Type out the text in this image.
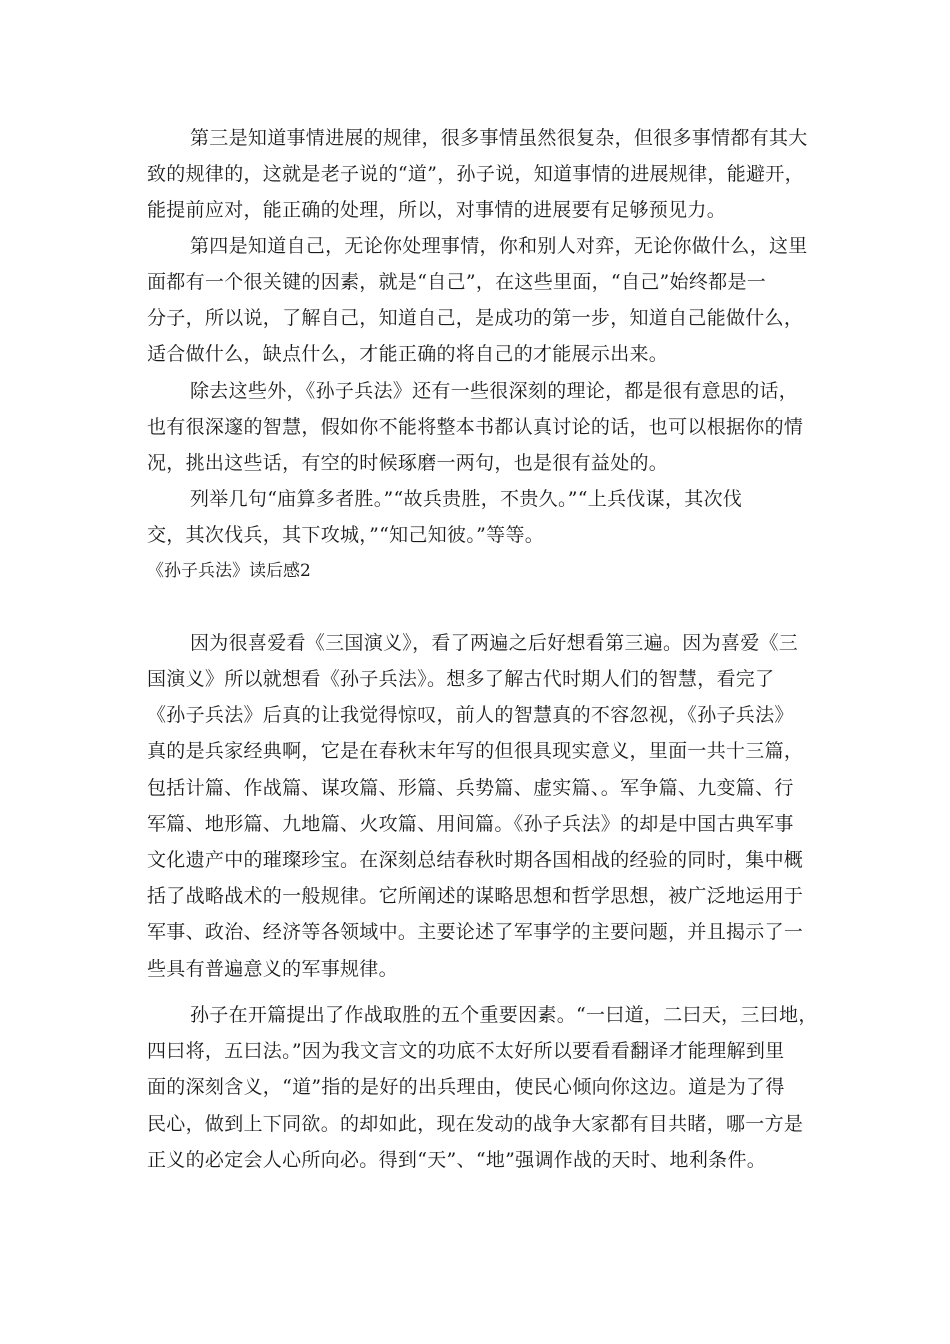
第三是知道事情进展的规律，很多事情虽然很复杂，但很多事情都有其大
致的规律的，这就是老子说的“道”，孙子说，知道事情的进展规律，能避开，
能提前应对，能正确的处理，所以，对事情的进展要有足够预见力。
第四是知道自己，无论你处理事情，你和别人对弈，无论你做什么，这里
面都有一个很关键的因素，就是“自己”，在这些里面，“自己”始终都是一
分子，所以说，了解自己，知道自己，是成功的第一步，知道自己能做什么，
适合做什么，缺点什么，才能正确的将自己的才能展示出来。
除去这些外，《孙子兵法》还有一些很深刻的理论，都是很有意思的话，
也有很深邃的智慧，假如你不能将整本书都认真讨论的话，也可以根据你的情
况，挑出这些话，有空的时候琢磨一两句，也是很有益处的。
列举几句“庙算多者胜。”“故兵贵胜，不贵久。”“上兵伐谋，其次伐
交，其次伐兵，其下攻城，”“知己知彼。”等等。
《孙子兵法》读后感2
因为很喜爱看《三国演义》，看了两遍之后好想看第三遍。因为喜爱《三
国演义》所以就想看《孙子兵法》。想多了解古代时期人们的智慧，看完了
《孙子兵法》后真的让我觉得惊叹，前人的智慧真的不容忽视，《孙子兵法》
真的是兵家经典啊，它是在春秋末年写的但很具现实意义，里面一共十三篇，
包括计篇、作战篇、谋攻篇、形篇、兵势篇、虚实篇、。军争篇、九变篇、行
军篇、地形篇、九地篇、火攻篇、用间篇。《孙子兵法》的却是中国古典军事
文化遗产中的璀璨珍宝。在深刻总结春秋时期各国相战的经验的同时，集中概
括了战略战术的一般规律。它所阐述的谋略思想和哲学思想，被广泛地运用于
军事、政治、经济等各领域中。主要论述了军事学的主要问题，并且揭示了一
些具有普遍意义的军事规律。
孙子在开篇提出了作战取胜的五个重要因素。“一曰道，二曰天，三曰地，
四曰将，五曰法。”因为我文言文的功底不太好所以要看看翻译才能理解到里
面的深刻含义，“道”指的是好的出兵理由，使民心倾向你这边。道是为了得
民心，做到上下同欲。的却如此，现在发动的战争大家都有目共睹，哪一方是
正义的必定会人心所向必。得到“天”、“地”强调作战的天时、地利条件。
